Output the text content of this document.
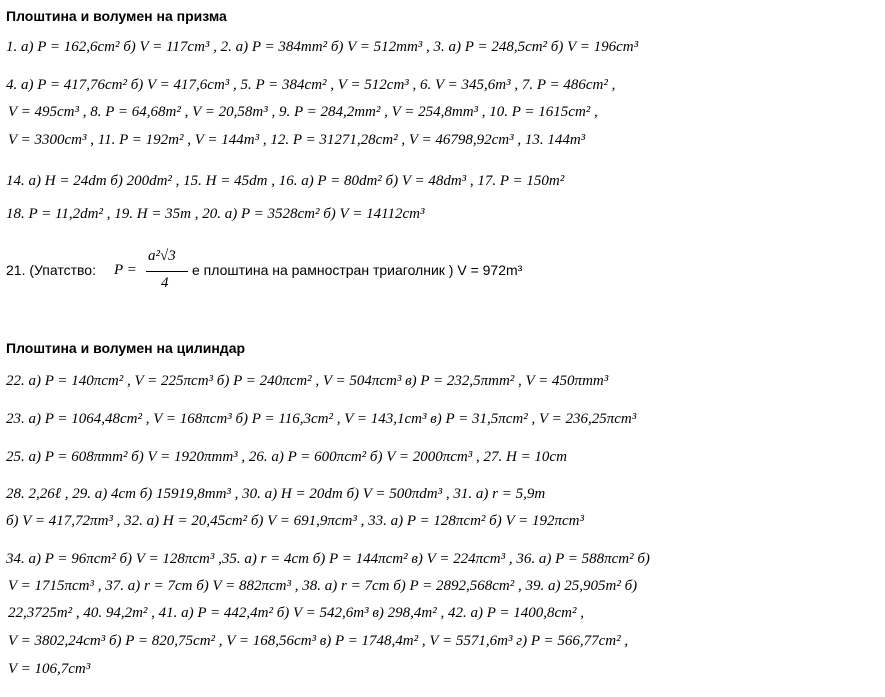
Плоштина и волумен на призма
1. а) P = 162,6cm² б) V = 117cm³ , 2. а) P = 384mm² б) V = 512mm³ , 3. а) P = 248,5cm² б) V = 196cm³
4. а) P = 417,76cm² б) V = 417,6cm³ , 5. P = 384cm² , V = 512cm³ , 6. V = 345,6m³ , 7. P = 486cm² ,
V = 495cm³ , 8. P = 64,68m² , V = 20,58m³ , 9. P = 284,2mm² , V = 254,8mm³ , 10. P = 1615cm² ,
V = 3300cm³ , 11. P = 192m² , V = 144m³ , 12. P = 31271,28cm² , V = 46798,92cm³ , 13. 144m³
14. а) H = 24dm б) 200dm² , 15. H = 45dm , 16. а) P = 80dm² б) V = 48dm³ , 17. P = 150m²
18. P = 11,2dm² , 19. H = 35m , 20. а) P = 3528cm² б) V = 14112cm³
21. (Упатство: P =
a²√3
4
е плоштина на рамностран триаголник ) V = 972m³
Плоштина и волумен на цилиндар
22. а) P = 140πcm² , V = 225πcm³ б) P = 240πcm² , V = 504πcm³ в) P = 232,5πmm² , V = 450πmm³
23. а) P = 1064,48cm² , V = 168πcm³ б) P = 116,3cm² , V = 143,1cm³ в) P = 31,5πcm² , V = 236,25πcm³
25. а) P = 608πmm² б) V = 1920πmm³ , 26. а) P = 600πcm² б) V = 2000πcm³ , 27. H = 10cm
28. 2,26ℓ , 29. а) 4cm б) 15919,8mm³ , 30. а) H = 20dm б) V = 500πdm³ , 31. а) r = 5,9m
б) V = 417,72πm³ , 32. а) H = 20,45cm² б) V = 691,9πcm³ , 33. а) P = 128πcm² б) V = 192πcm³
34. а) P = 96πcm² б) V = 128πcm³ ,35. а) r = 4cm б) P = 144πcm² в) V = 224πcm³ , 36. а) P = 588πcm² б)
V = 1715πcm³ , 37. а) r = 7cm б) V = 882πcm³ , 38. а) r = 7cm б) P = 2892,568cm² , 39. а) 25,905m² б)
22,3725m² , 40. 94,2m² , 41. а) P = 442,4m² б) V = 542,6m³ в) 298,4m² , 42. а) P = 1400,8cm² ,
V = 3802,24cm³ б) P = 820,75cm² , V = 168,56cm³ в) P = 1748,4m² , V = 5571,6m³ г) P = 566,77cm² ,
V = 106,7cm³
